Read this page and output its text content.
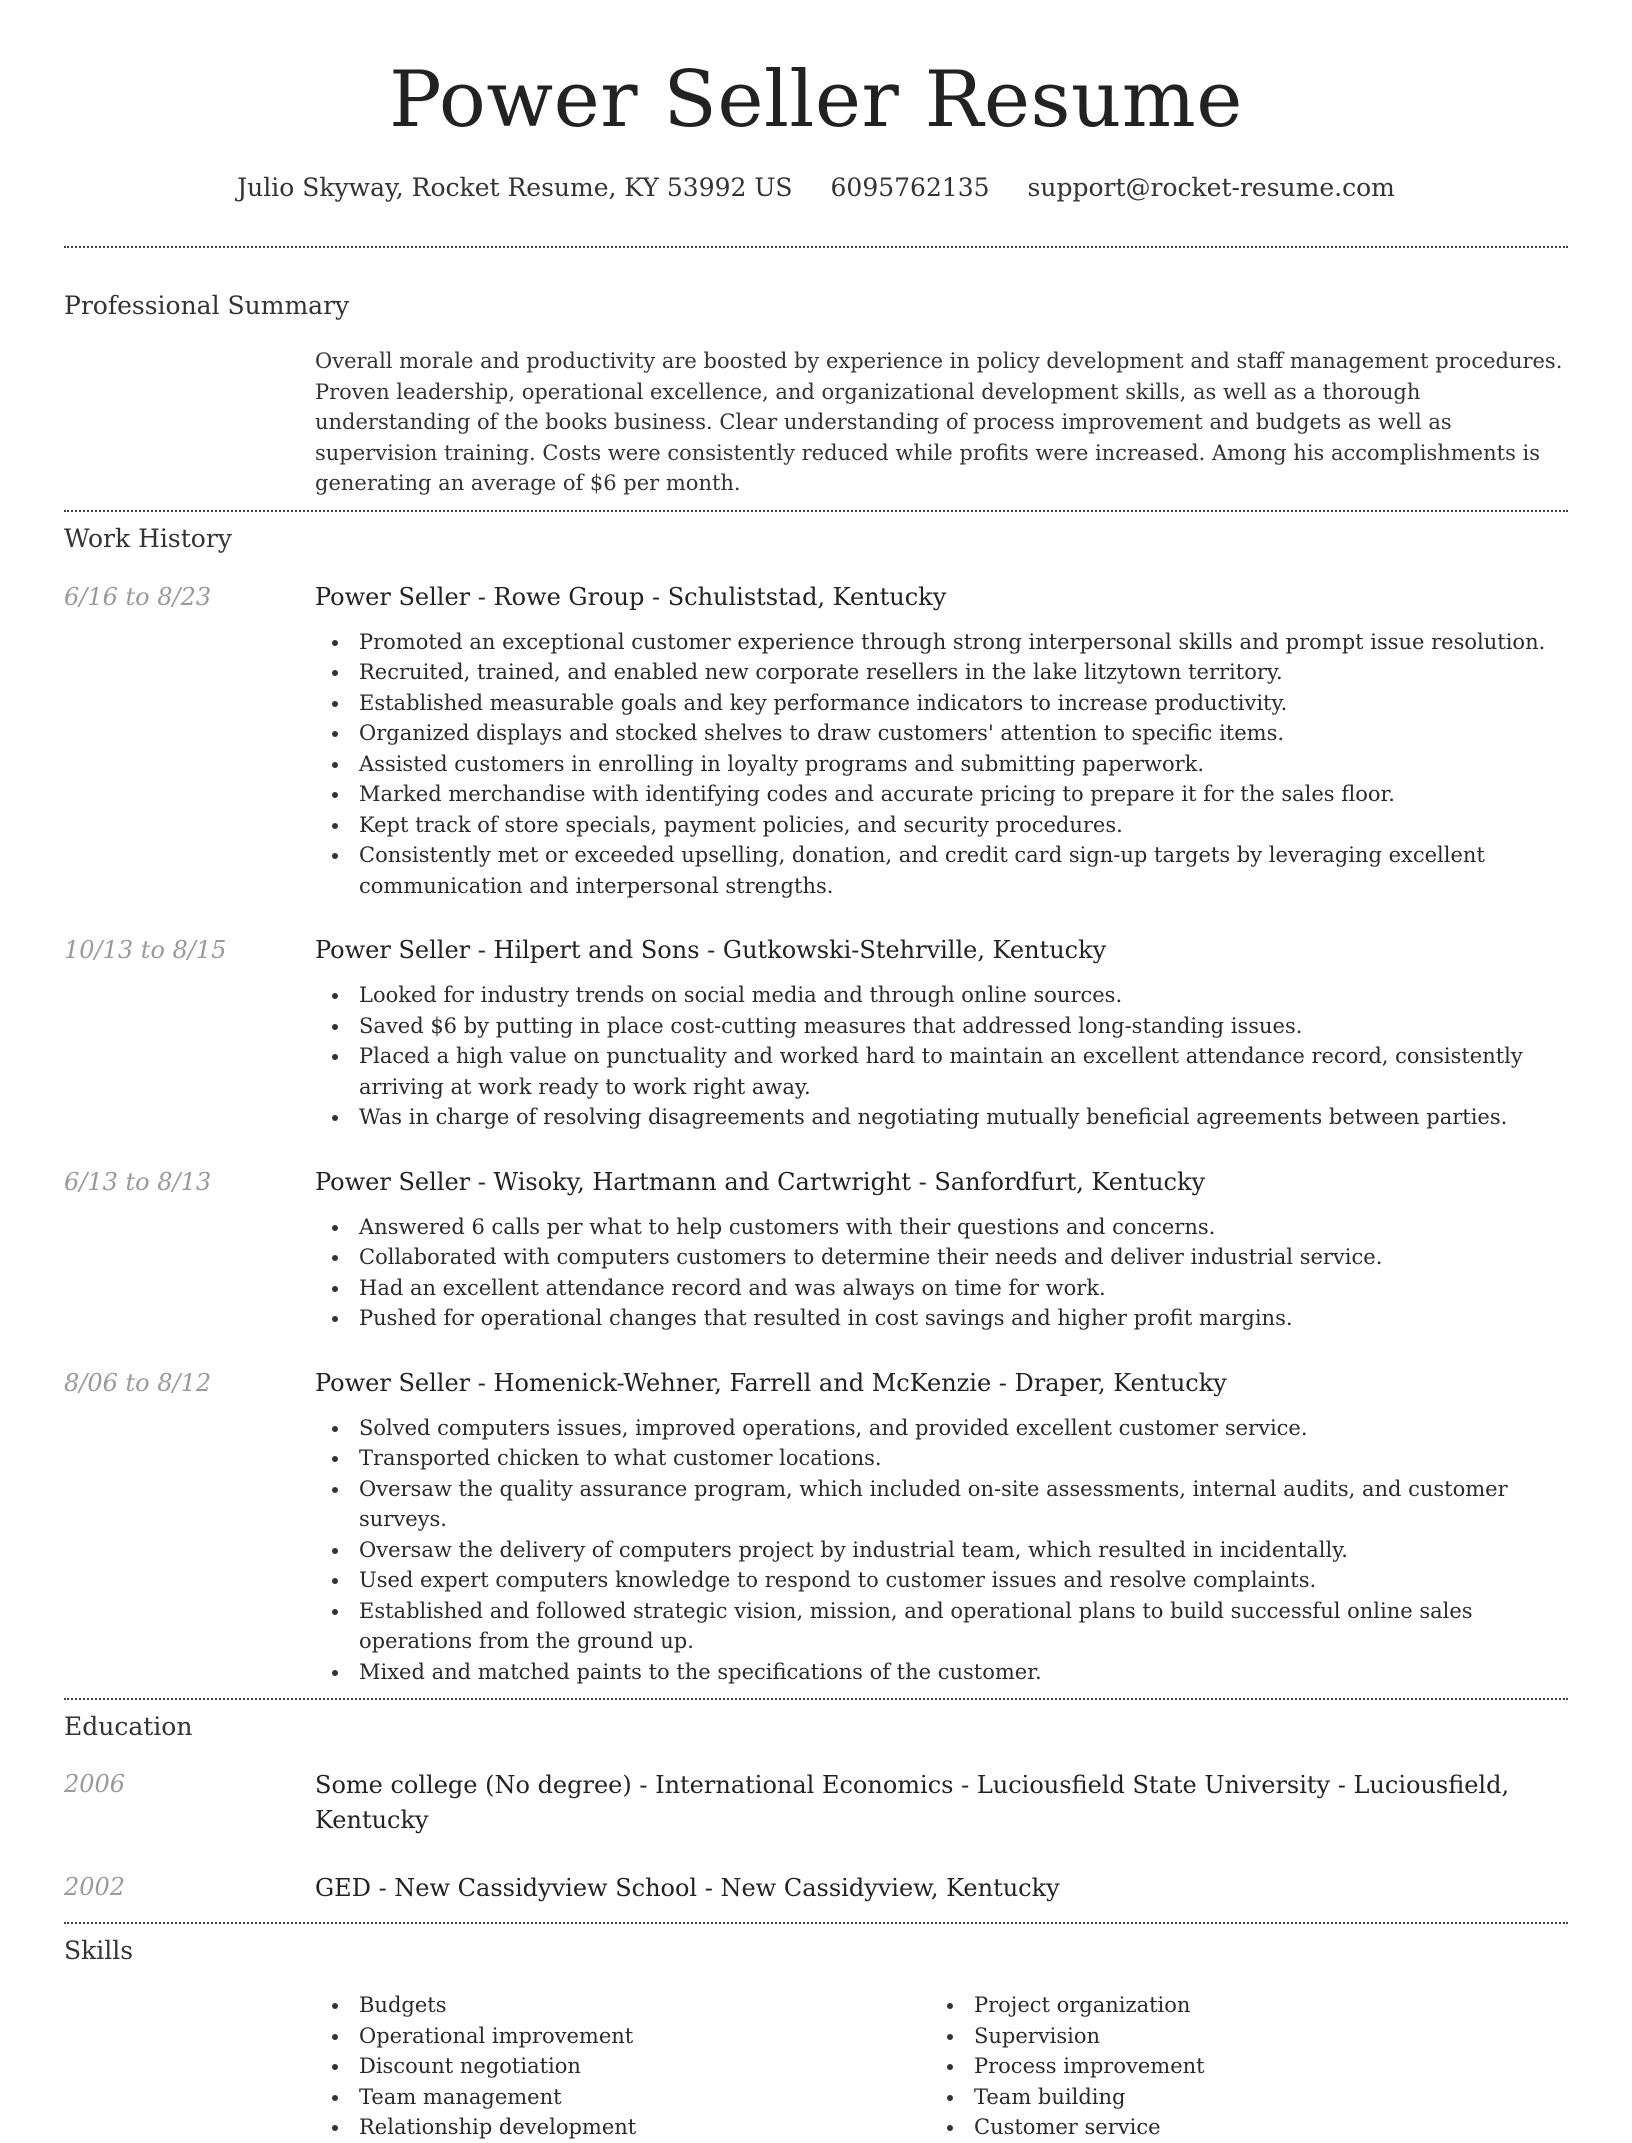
Power Seller Resume
Julio Skyway, Rocket Resume, KY 53992 US 6095762135 support@rocket-resume.com
Professional Summary
Overall morale and productivity are boosted by experience in policy development and staff management procedures. Proven leadership, operational excellence, and organizational development skills, as well as a thorough understanding of the books business. Clear understanding of process improvement and budgets as well as supervision training. Costs were consistently reduced while profits were increased. Among his accomplishments is generating an average of $6 per month.
Work History
6/16 to 8/23	Power Seller - Rowe Group - Schuliststad, Kentucky
Promoted an exceptional customer experience through strong interpersonal skills and prompt issue resolution.
Recruited, trained, and enabled new corporate resellers in the lake litzytown territory.
Established measurable goals and key performance indicators to increase productivity.
Organized displays and stocked shelves to draw customers' attention to specific items.
Assisted customers in enrolling in loyalty programs and submitting paperwork.
Marked merchandise with identifying codes and accurate pricing to prepare it for the sales floor.
Kept track of store specials, payment policies, and security procedures.
Consistently met or exceeded upselling, donation, and credit card sign-up targets by leveraging excellent communication and interpersonal strengths.
10/13 to 8/15	Power Seller - Hilpert and Sons - Gutkowski-Stehrville, Kentucky
Looked for industry trends on social media and through online sources.
Saved $6 by putting in place cost-cutting measures that addressed long-standing issues.
Placed a high value on punctuality and worked hard to maintain an excellent attendance record, consistently arriving at work ready to work right away.
Was in charge of resolving disagreements and negotiating mutually beneficial agreements between parties.
6/13 to 8/13	Power Seller - Wisoky, Hartmann and Cartwright - Sanfordfurt, Kentucky
Answered 6 calls per what to help customers with their questions and concerns.
Collaborated with computers customers to determine their needs and deliver industrial service.
Had an excellent attendance record and was always on time for work.
Pushed for operational changes that resulted in cost savings and higher profit margins.
8/06 to 8/12	Power Seller - Homenick-Wehner, Farrell and McKenzie - Draper, Kentucky
Solved computers issues, improved operations, and provided excellent customer service.
Transported chicken to what customer locations.
Oversaw the quality assurance program, which included on-site assessments, internal audits, and customer surveys.
Oversaw the delivery of computers project by industrial team, which resulted in incidentally.
Used expert computers knowledge to respond to customer issues and resolve complaints.
Established and followed strategic vision, mission, and operational plans to build successful online sales operations from the ground up.
Mixed and matched paints to the specifications of the customer.
Education
2006	Some college (No degree) - International Economics - Luciousfield State University - Luciousfield, Kentucky
2002	GED - New Cassidyview School - New Cassidyview, Kentucky
Skills
Budgets
Operational improvement
Discount negotiation
Team management
Relationship development
Project organization
Supervision
Process improvement
Team building
Customer service
